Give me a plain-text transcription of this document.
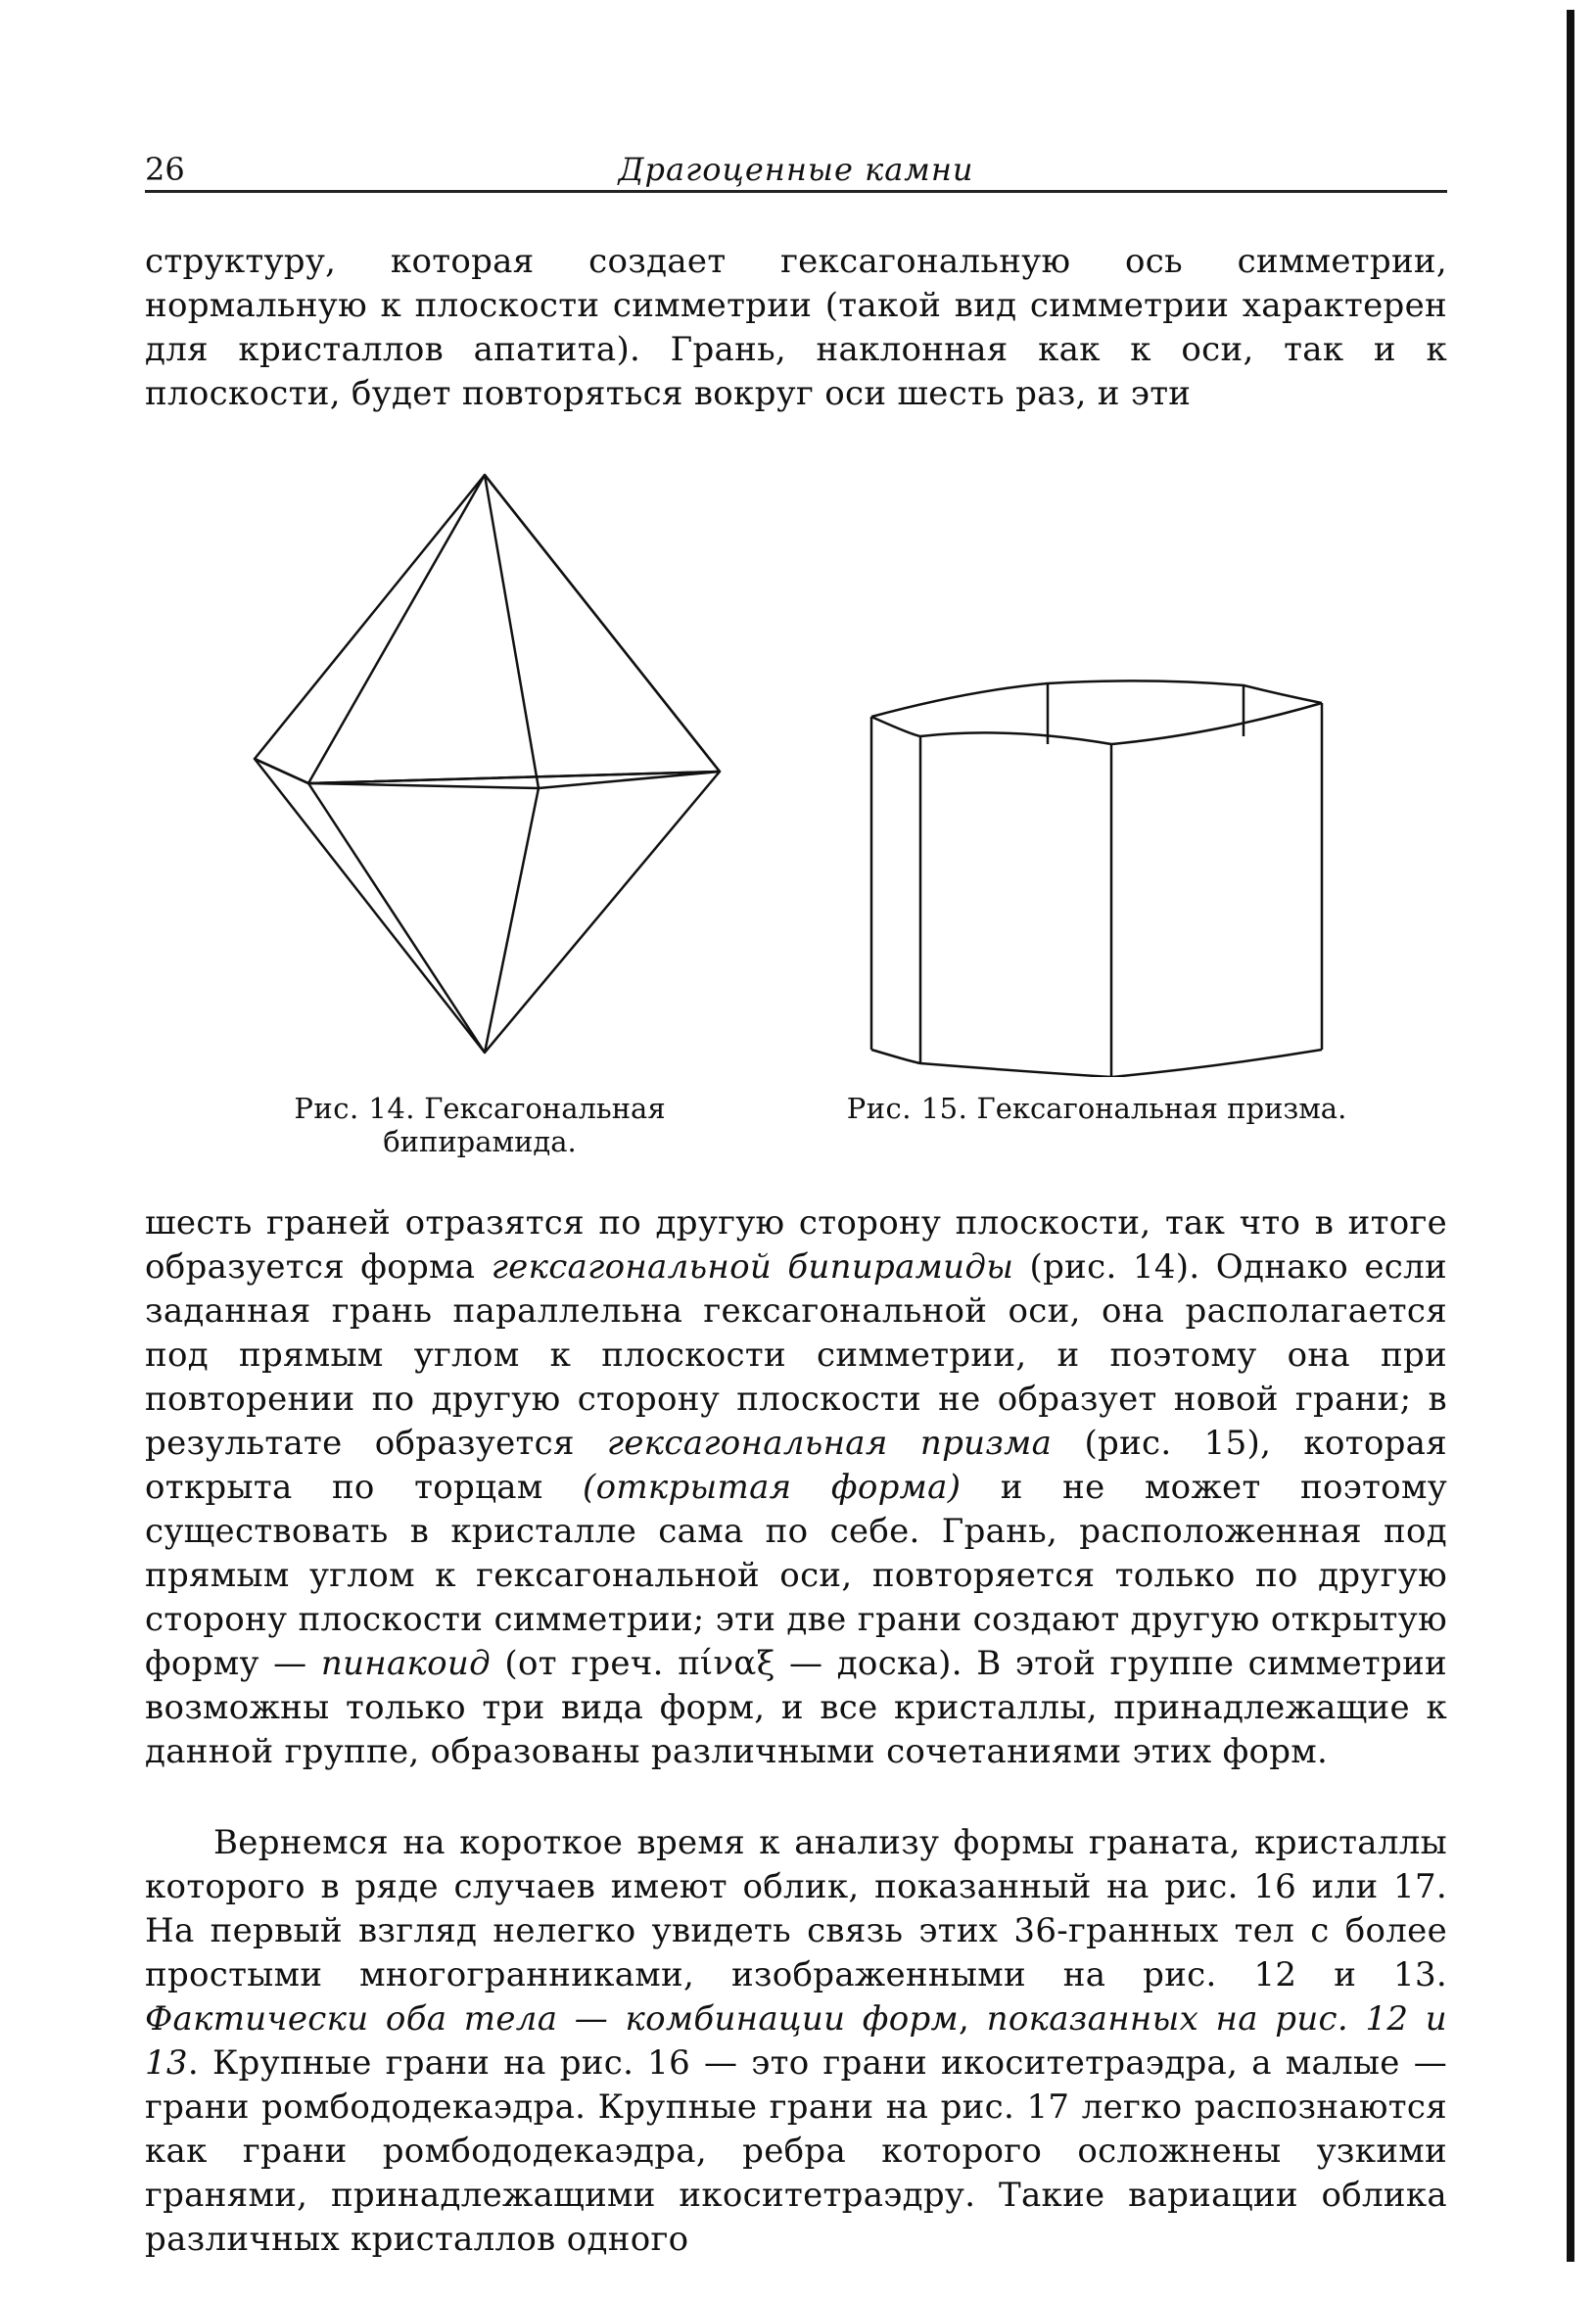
26	Драгоценные камни
структуру, которая создает гексагональную ось симметрии, нормальную к плоскости симметрии (такой вид симметрии характерен для кристаллов апатита). Грань, наклонная как к оси, так и к плоскости, будет повторяться вокруг оси шесть раз, и эти
Рис. 14. Гексагональная бипирамида.
Рис. 15. Гексагональная призма.
шесть граней отразятся по другую сторону плоскости, так что в итоге образуется форма гексагональной бипирамиды (рис. 14). Однако если заданная грань параллельна гексагональной оси, она располагается под прямым углом к плоскости симметрии, и поэтому она при повторении по другую сторону плоскости не образует новой грани; в результате образуется гексагональная призма (рис. 15), которая открыта по торцам (открытая форма) и не может поэтому существовать в кристалле сама по себе. Грань, расположенная под прямым углом к гексагональной оси, повторяется только по другую сторону плоскости симметрии; эти две грани создают другую открытую форму — пинакоид (от греч. πίναξ — доска). В этой группе симметрии возможны только три вида форм, и все кристаллы, принадлежащие к данной группе, образованы различными сочетаниями этих форм.
Вернемся на короткое время к анализу формы граната, кристаллы которого в ряде случаев имеют облик, показанный на рис. 16 или 17. На первый взгляд нелегко увидеть связь этих 36-гранных тел с более простыми многогранниками, изображенными на рис. 12 и 13. Фактически оба тела — комбинации форм, показанных на рис. 12 и 13. Крупные грани на рис. 16 — это грани икоситетраэдра, а малые — грани ромбододекаэдра. Крупные грани на рис. 17 легко распознаются как грани ромбододекаэдра, ребра которого осложнены узкими гранями, принадлежащими икоситетраэдру. Такие вариации облика различных кристаллов одного
